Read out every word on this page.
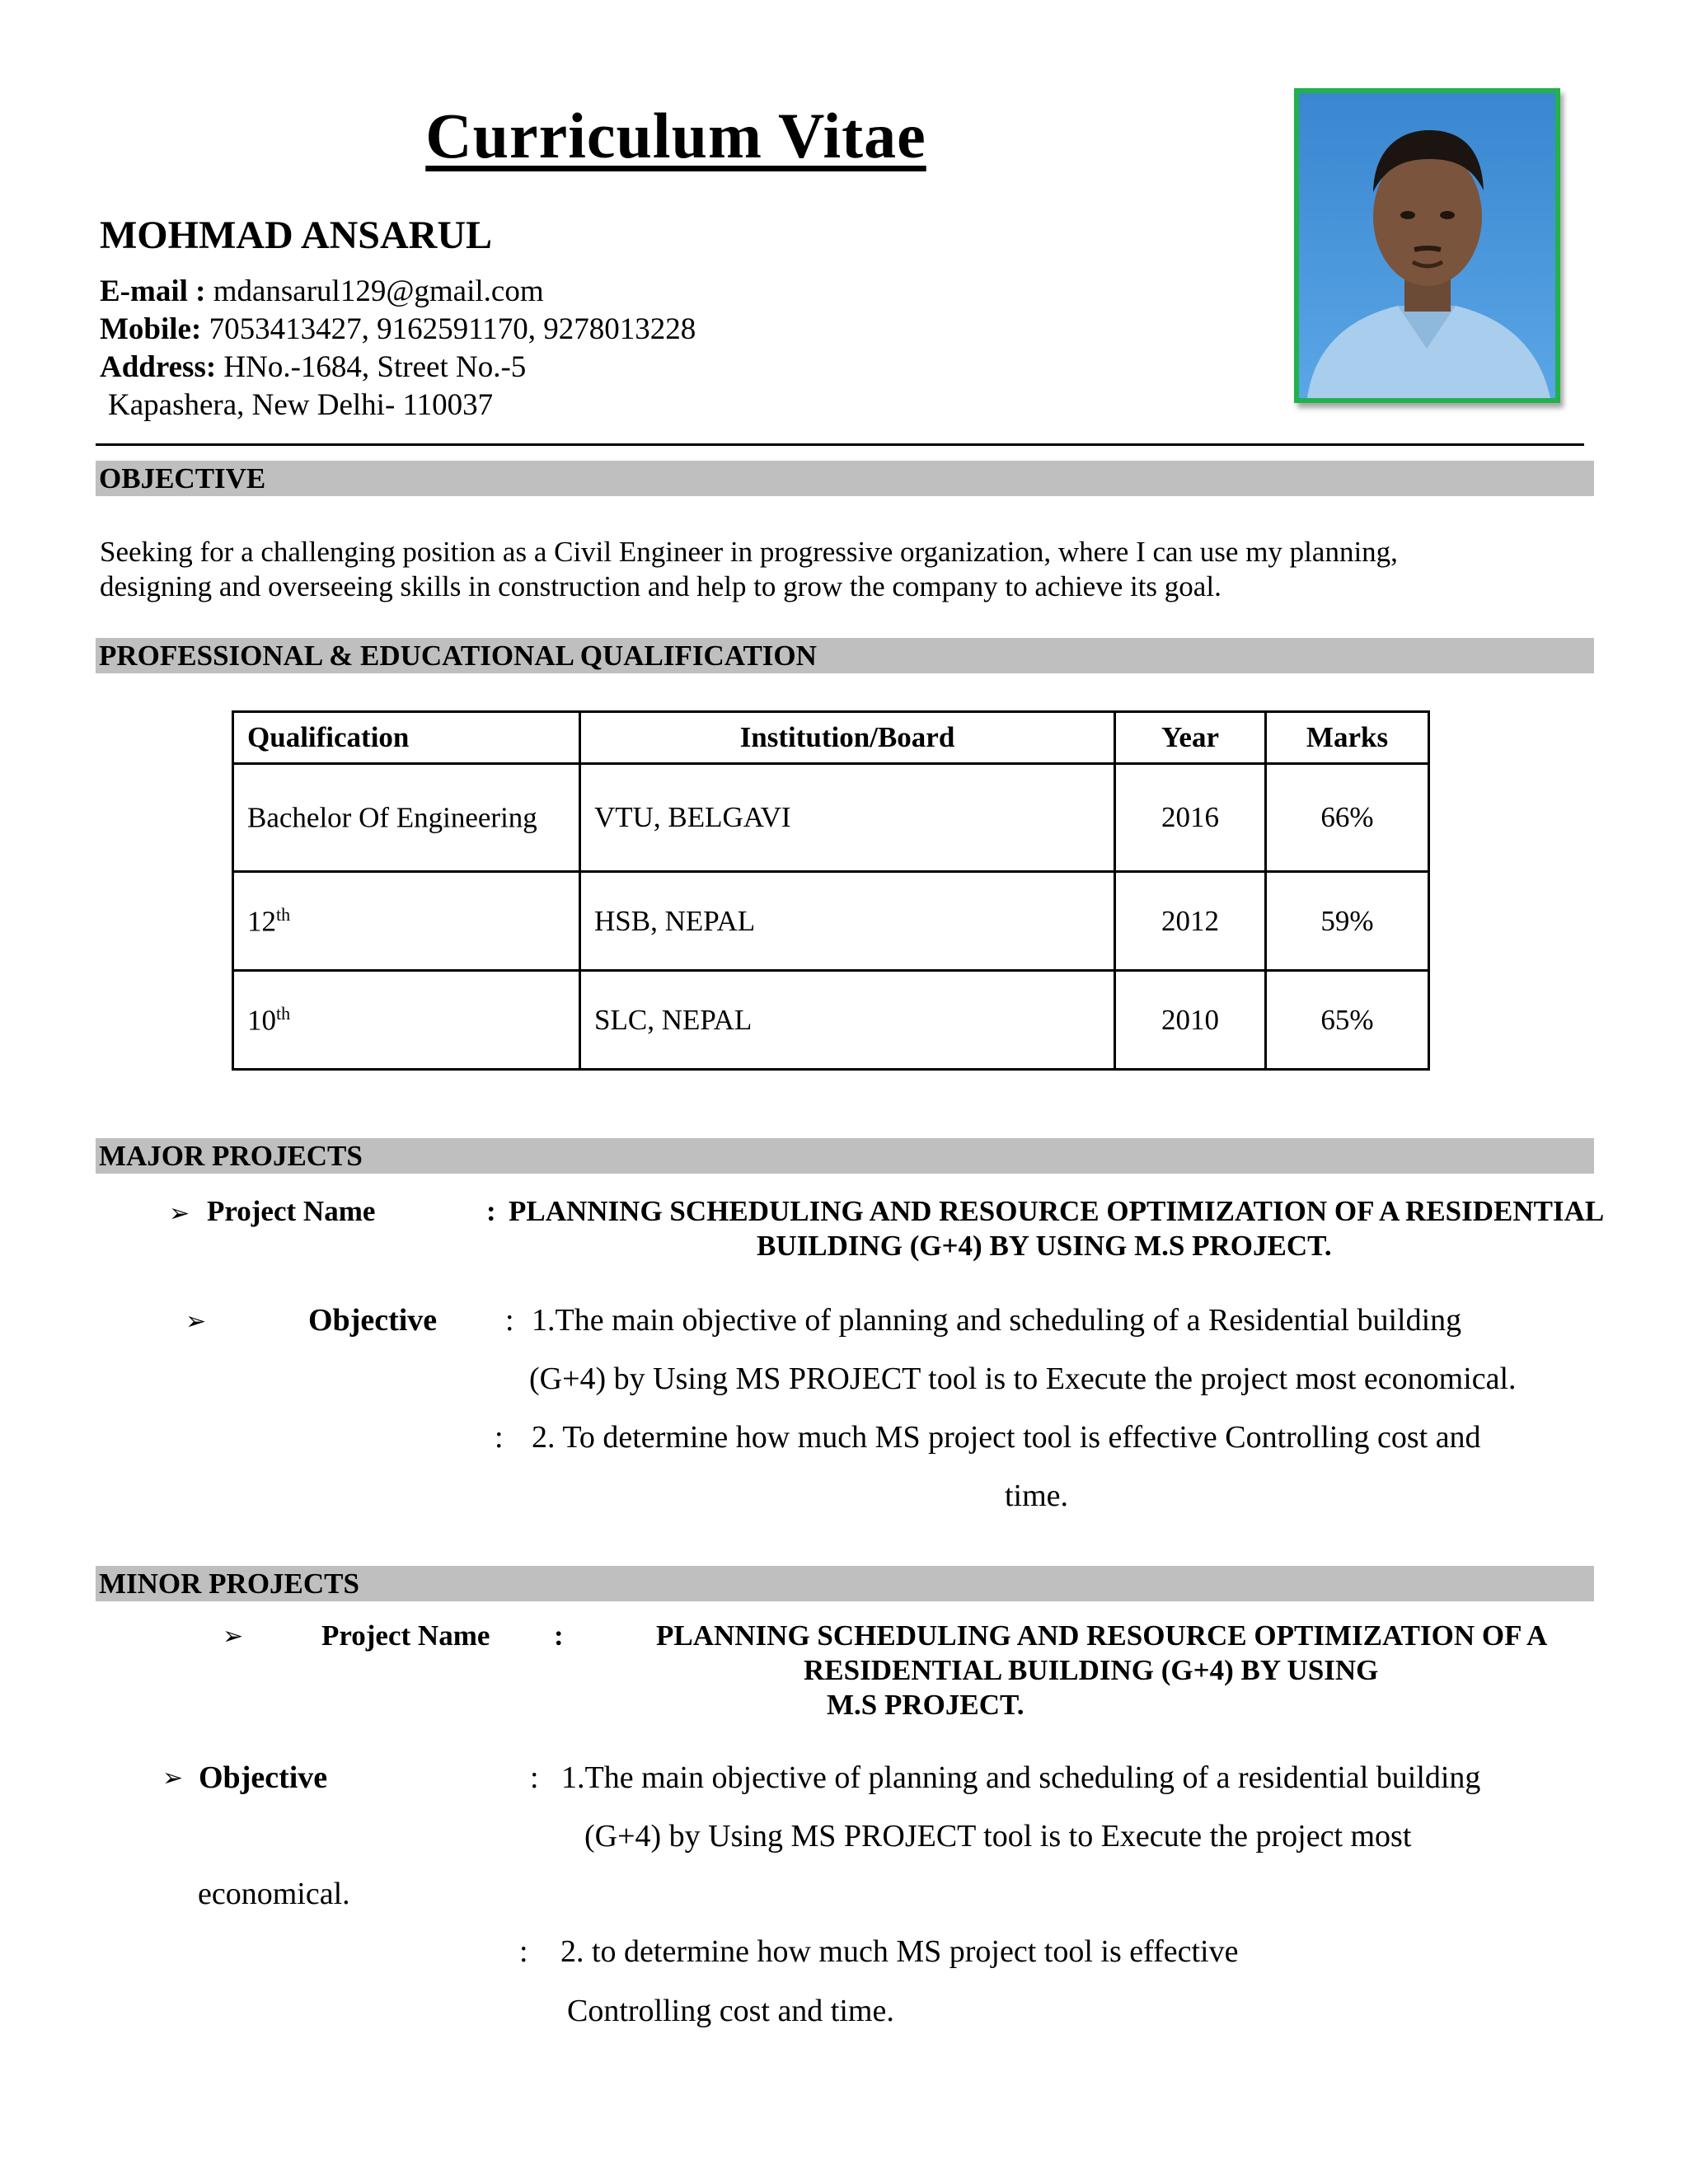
Curriculum Vitae
MOHMAD ANSARUL
E-mail : mdansarul129@gmail.com
Mobile: 7053413427, 9162591170, 9278013228
Address: HNo.-1684, Street No.-5
Kapashera, New Delhi- 110037
OBJECTIVE
Seeking for a challenging position as a Civil Engineer in progressive organization, where I can use my planning,
designing and overseeing skills in construction and help to grow the company to achieve its goal.
PROFESSIONAL & EDUCATIONAL QUALIFICATION
Qualification	Institution/Board	Year	Marks
Bachelor Of Engineering	VTU, BELGAVI	2016	66%
12th	HSB, NEPAL	2012	59%
10th	SLC, NEPAL	2010	65%
MAJOR PROJECTS
➢ Project Name	: PLANNING SCHEDULING AND RESOURCE OPTIMIZATION OF A RESIDENTIAL
BUILDING (G+4) BY USING M.S PROJECT.
➢	Objective : 1.The main objective of planning and scheduling of a Residential building
(G+4) by Using MS PROJECT tool is to Execute the project most economical.
: 2. To determine how much MS project tool is effective Controlling cost and
time.
MINOR PROJECTS
➢	Project Name :	PLANNING SCHEDULING AND RESOURCE OPTIMIZATION OF A
RESIDENTIAL BUILDING (G+4) BY USING
M.S PROJECT.
➢ Objective	: 1.The main objective of planning and scheduling of a residential building
(G+4) by Using MS PROJECT tool is to Execute the project most
economical.
: 2. to determine how much MS project tool is effective
Controlling cost and time.
